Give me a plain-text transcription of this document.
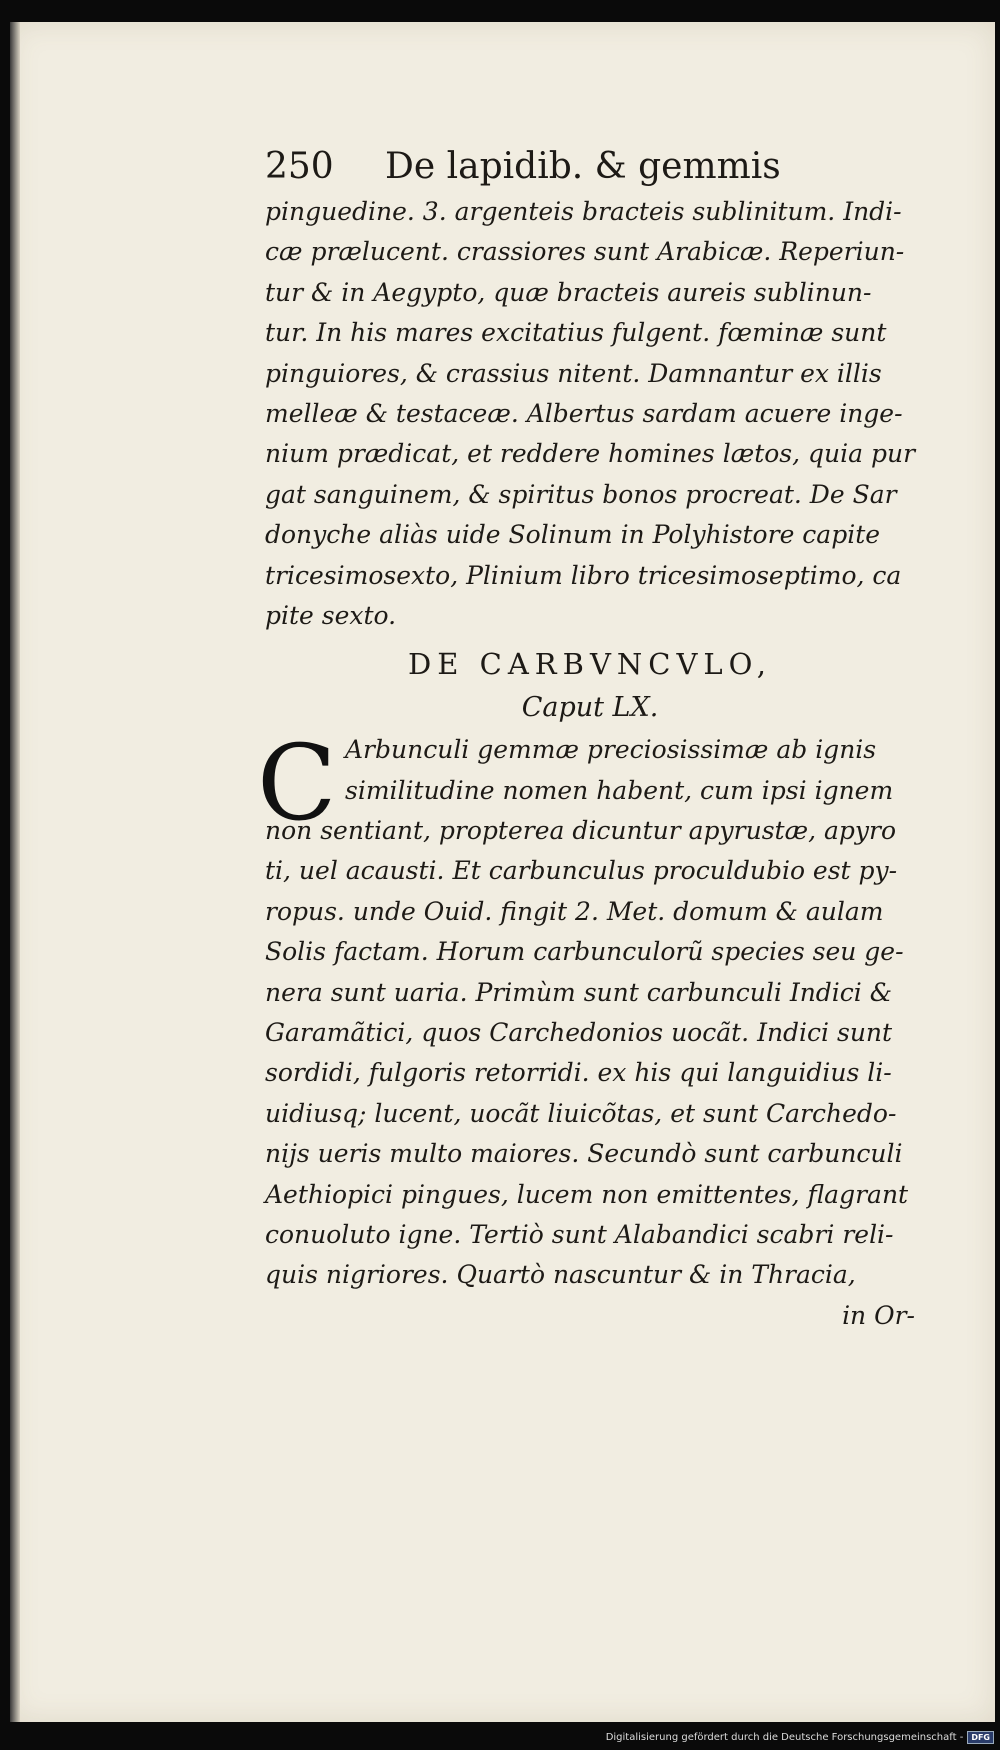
250	De lapidib. & gemmis
pinguedine. 3. argenteis bracteis sublinitum. Indi-
cæ prælucent. crassiores sunt Arabicæ. Reperiun-
tur & in Aegypto, quæ bracteis aureis sublinun-
tur. In his mares excitatius fulgent. fœminæ sunt
pinguiores, & crassius nitent. Damnantur ex illis
melleæ & testaceæ. Albertus sardam acuere inge-
nium prædicat, et reddere homines lætos, quia pur
gat sanguinem, & spiritus bonos procreat. De Sar
donyche aliàs uide Solinum in Polyhistore capite
tricesimosexto, Plinium libro tricesimoseptimo, ca
pite sexto.
DE CARBVNCVLO,
Caput LX.
C Arbunculi gemmæ preciosissimæ ab ignis
similitudine nomen habent, cum ipsi ignem
non sentiant, propterea dicuntur apyrustæ, apyro
ti, uel acausti. Et carbunculus proculdubio est py-
ropus. unde Ouid. fingit 2. Met. domum & aulam
Solis factam. Horum carbunculorũ species seu ge-
nera sunt uaria. Primùm sunt carbunculi Indici &
Garamãtici, quos Carchedonios uocãt. Indici sunt
sordidi, fulgoris retorridi. ex his qui languidius li-
uidiusq; lucent, uocãt liuicõtas, et sunt Carchedo-
nijs ueris multo maiores. Secundò sunt carbunculi
Aethiopici pingues, lucem non emittentes, flagrant
conuoluto igne. Tertiò sunt Alabandici scabri reli-
quis nigriores. Quartò nascuntur & in Thracia,
in Or-
Digitalisierung gefördert durch die Deutsche Forschungsgemeinschaft -	DFG
